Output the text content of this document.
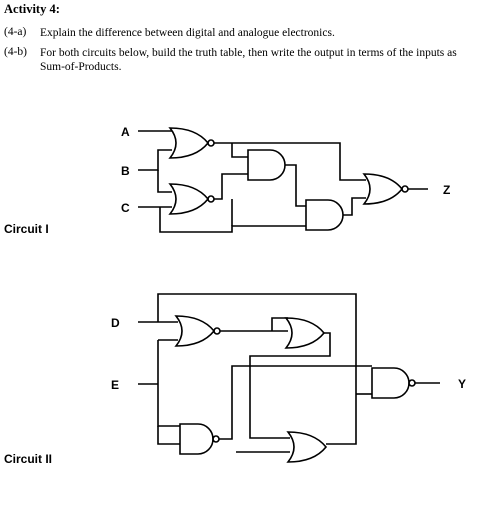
Activity 4:
(4-a) Explain the difference between digital and analogue electronics.
(4-b) For both circuits below, build the truth table, then write the output in terms of the inputs as Sum-of-Products.
Circuit I
Circuit II
A
B
C
Z
D
E	Y
